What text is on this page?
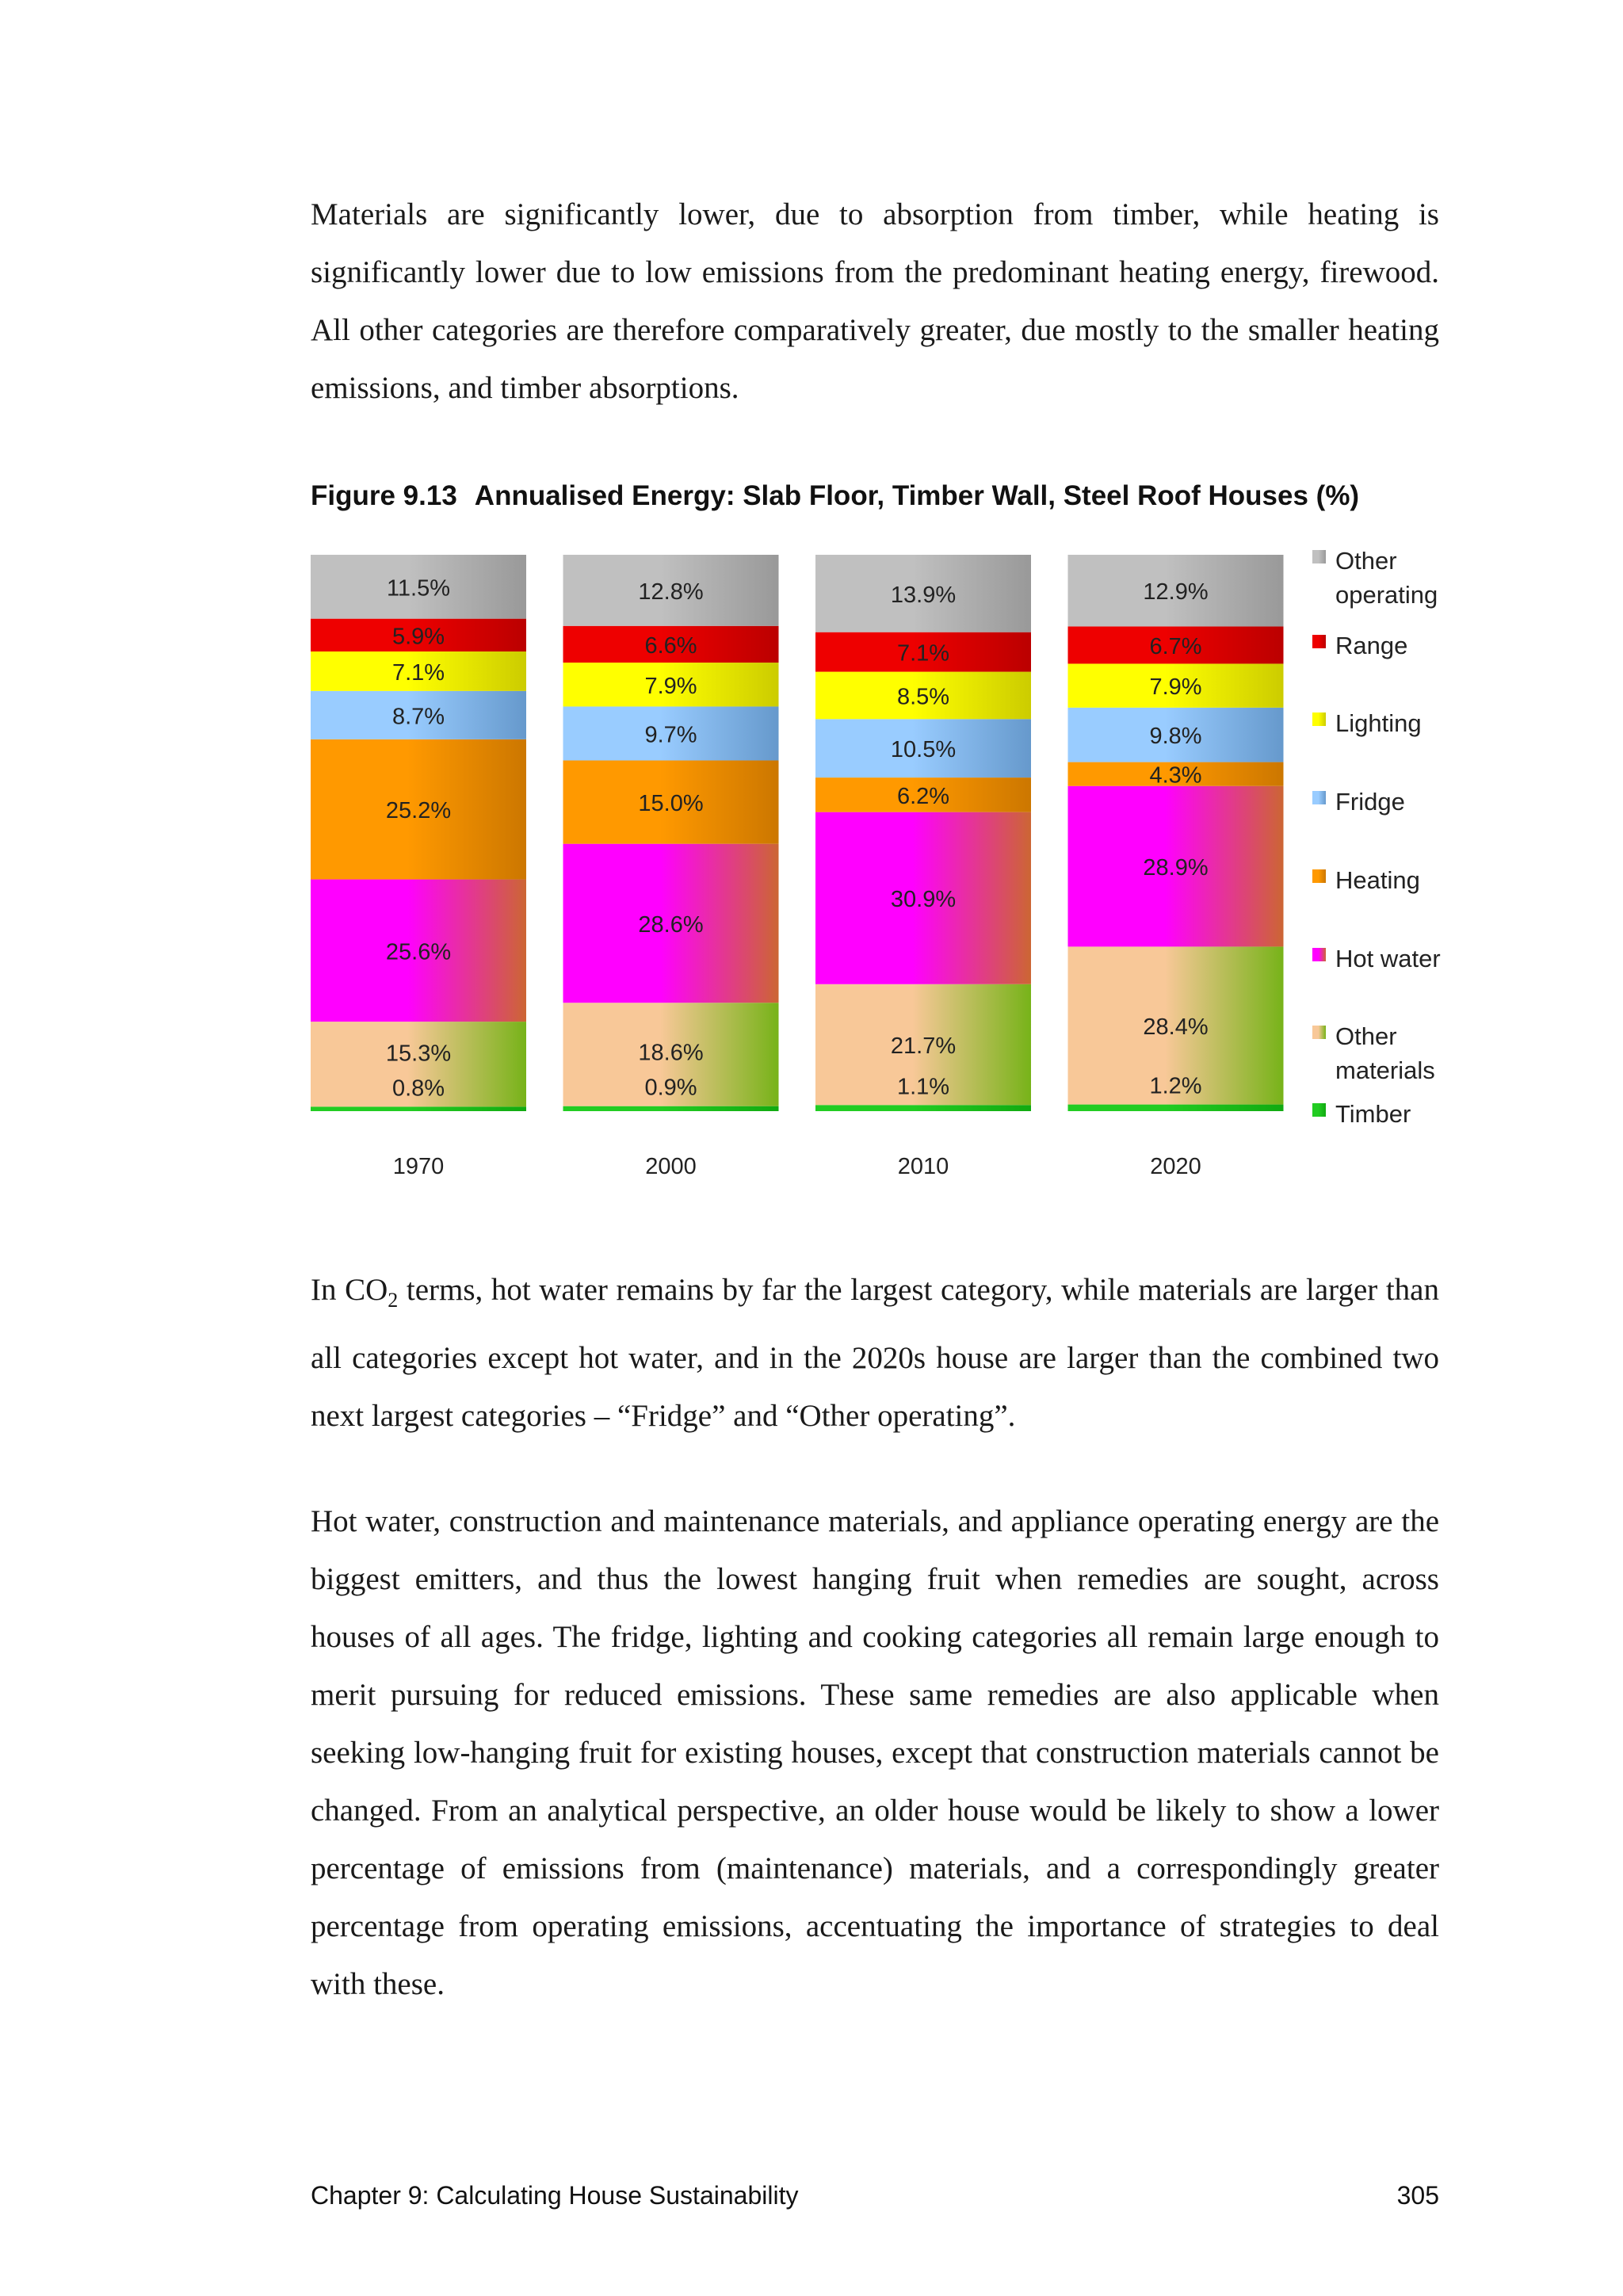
Materials are significantly lower, due to absorption from timber, while heating is significantly lower due to low emissions from the predominant heating energy, firewood. All other categories are therefore comparatively greater, due mostly to the smaller heating emissions, and timber absorptions.

Figure 9.13 Annualised Energy: Slab Floor, Timber Wall, Steel Roof Houses (%)
0.8%
15.3%
25.6%
25.2%
8.7%
7.1%
5.9%
11.5%
0.9%
18.6%
28.6%
15.0%
9.7%
7.9%
6.6%
12.8%
1.1%
21.7%
30.9%
6.2%
10.5%
8.5%
7.1%
13.9%
1.2%
28.4%
28.9%
4.3%
9.8%
7.9%
6.7%
12.9%
1970	2000	2010	2020
Other
operating
Range
Lighting
Fridge
Heating
Hot water
Other
materials
Timber

In $CO_2$ terms, hot water remains by far the largest category, while materials are larger than all categories except hot water, and in the 2020s house are larger than the combined two next largest categories – “Fridge” and “Other operating”.

Hot water, construction and maintenance materials, and appliance operating energy are the biggest emitters, and thus the lowest hanging fruit when remedies are sought, across houses of all ages. The fridge, lighting and cooking categories all remain large enough to merit pursuing for reduced emissions. These same remedies are also applicable when seeking low-hanging fruit for existing houses, except that construction materials cannot be changed. From an analytical perspective, an older house would be likely to show a lower percentage of emissions from (maintenance) materials, and a correspondingly greater percentage from operating emissions, accentuating the importance of strategies to deal with these.

Chapter 9: Calculating House Sustainability	305
